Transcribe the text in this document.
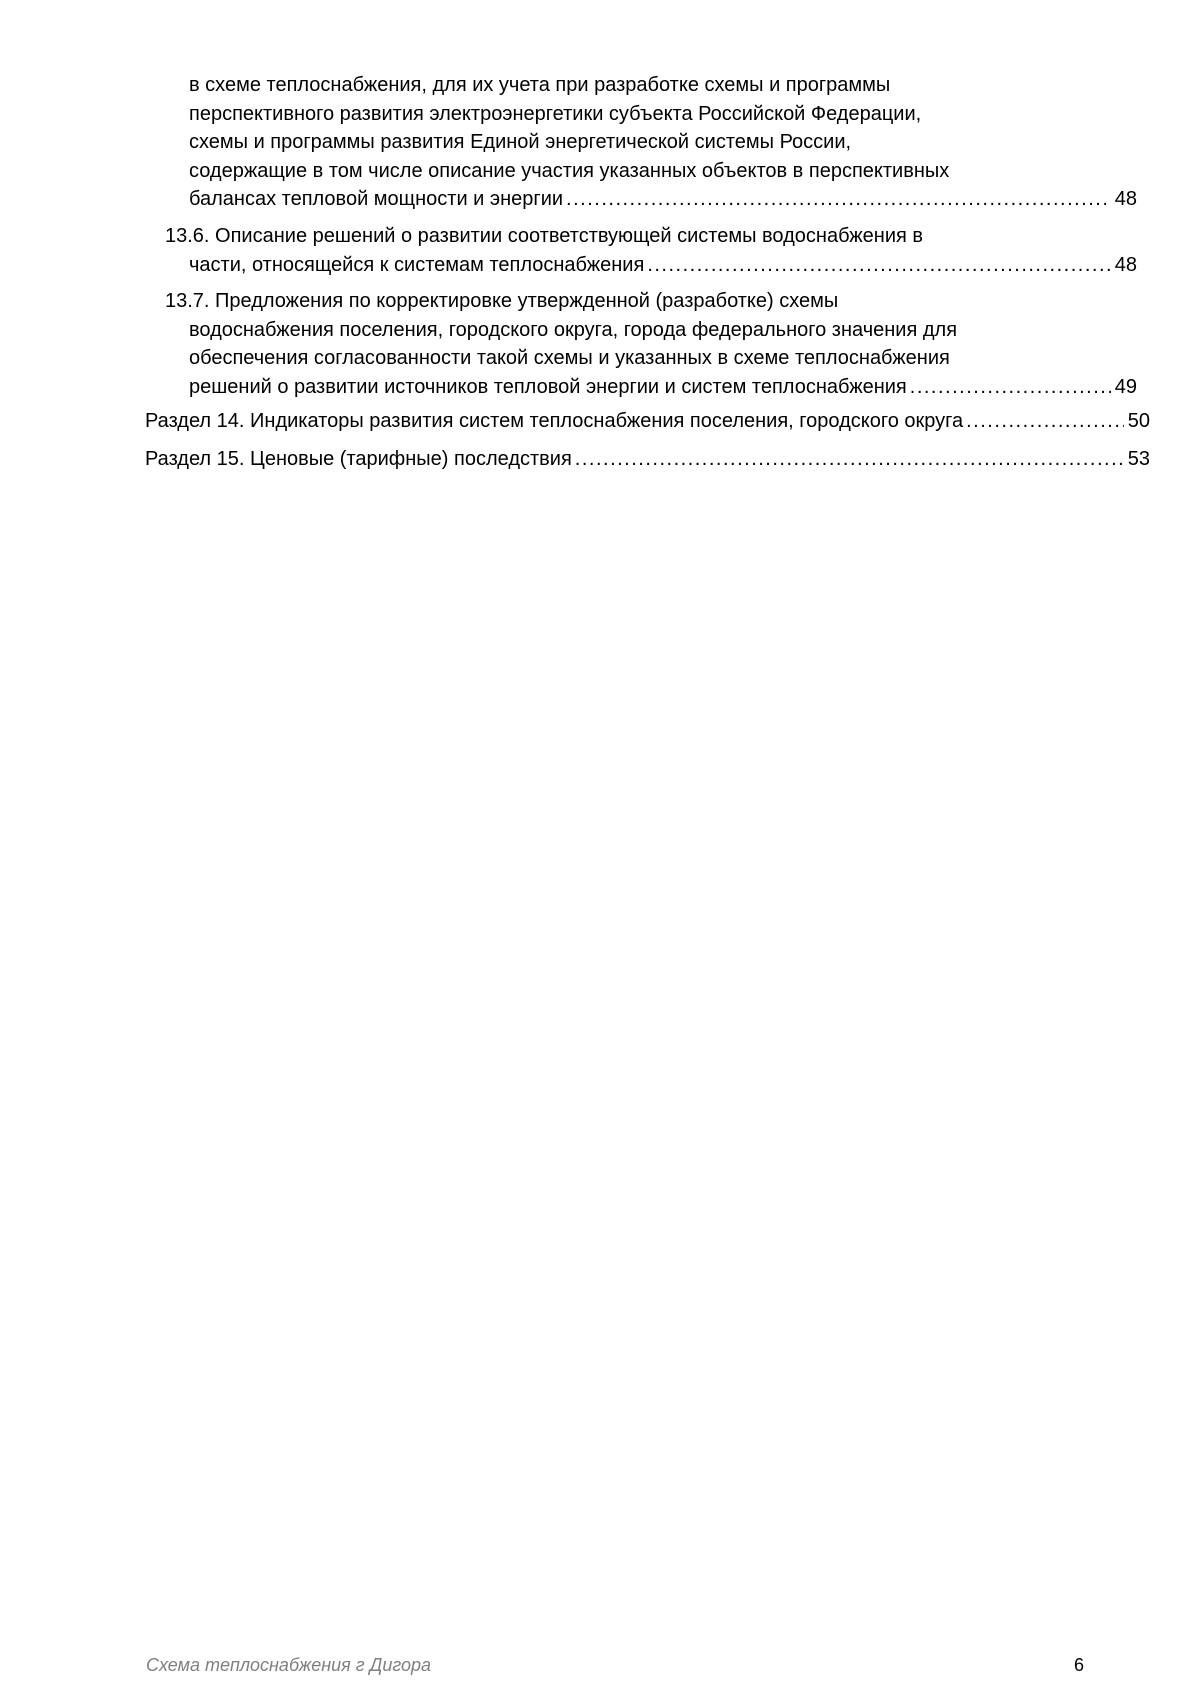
в схеме теплоснабжения, для их учета при разработке схемы и программы
перспективного развития электроэнергетики субъекта Российской Федерации,
схемы и программы развития Единой энергетической системы России,
содержащие в том числе описание участия указанных объектов в перспективных
балансах тепловой мощности и энергии .....	48
13.6. Описание решений о развитии соответствующей системы водоснабжения в
части, относящейся к системам теплоснабжения .....	48
13.7. Предложения по корректировке утвержденной (разработке) схемы
водоснабжения поселения, городского округа, города федерального значения для
обеспечения согласованности такой схемы и указанных в схеме теплоснабжения
решений о развитии источников тепловой энергии и систем теплоснабжения .....	49
Раздел 14. Индикаторы развития систем теплоснабжения поселения, городского округа .....	50
Раздел 15. Ценовые (тарифные) последствия .....	53
Схема теплоснабжения г Дигора	6
